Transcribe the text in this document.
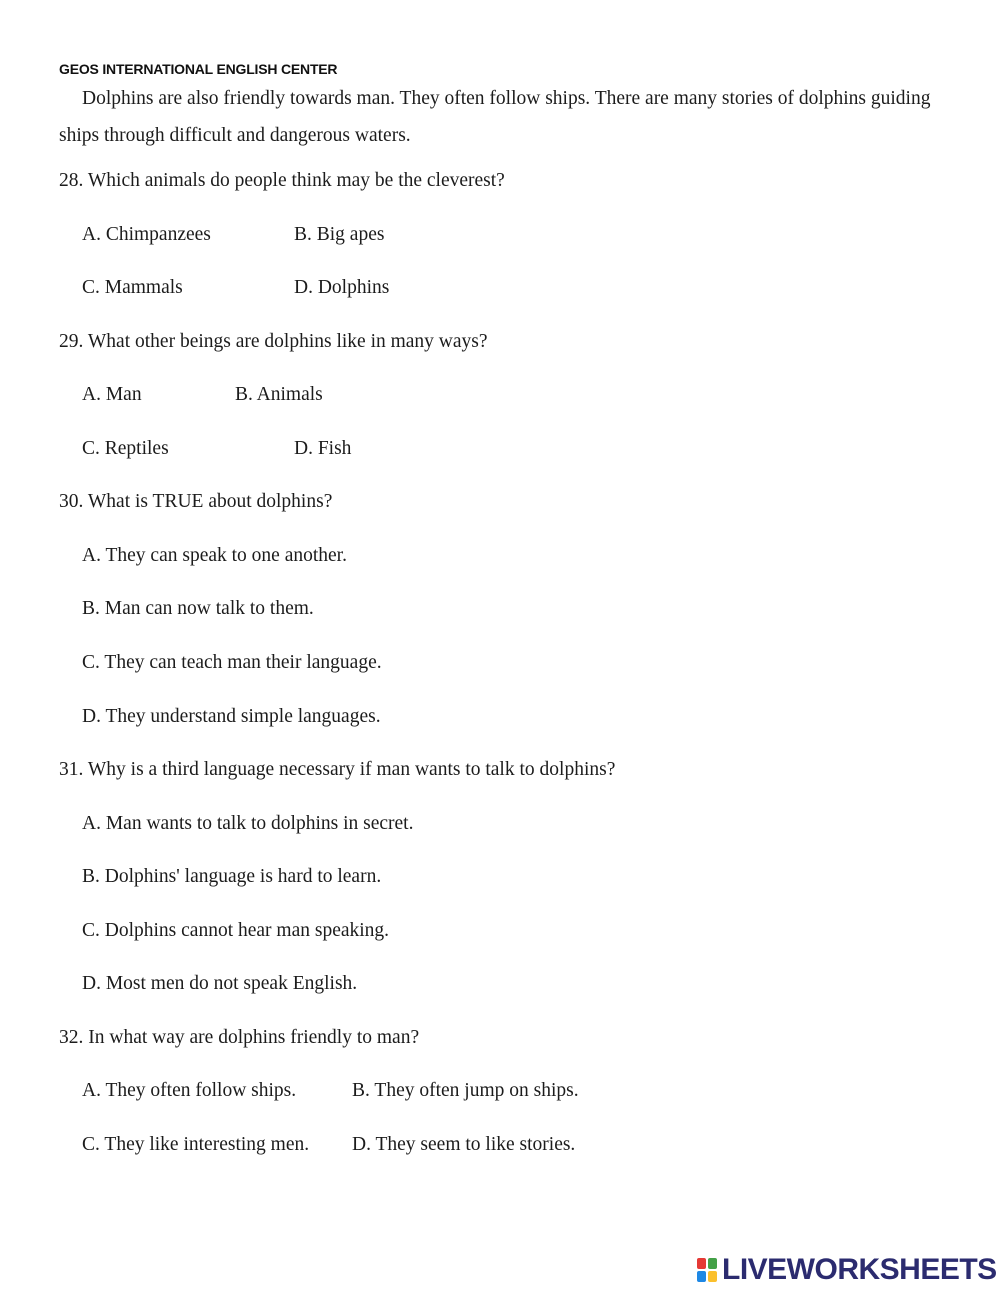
GEOS INTERNATIONAL ENGLISH CENTER
Dolphins are also friendly towards man. They often follow ships. There are many stories of dolphins guiding ships through difficult and dangerous waters.
28. Which animals do people think may be the cleverest?
A. Chimpanzees	B. Big apes
C. Mammals	D. Dolphins
29. What other beings are dolphins like in many ways?
A. Man	B. Animals
C. Reptiles	D. Fish
30. What is TRUE about dolphins?
A. They can speak to one another.
B. Man can now talk to them.
C. They can teach man their language.
D. They understand simple languages.
31. Why is a third language necessary if man wants to talk to dolphins?
A. Man wants to talk to dolphins in secret.
B. Dolphins' language is hard to learn.
C. Dolphins cannot hear man speaking.
D. Most men do not speak English.
32. In what way are dolphins friendly to man?
A. They often follow ships.	B. They often jump on ships.
C. They like interesting men. D. They seem to like stories.
LIVEWORKSHEETS
